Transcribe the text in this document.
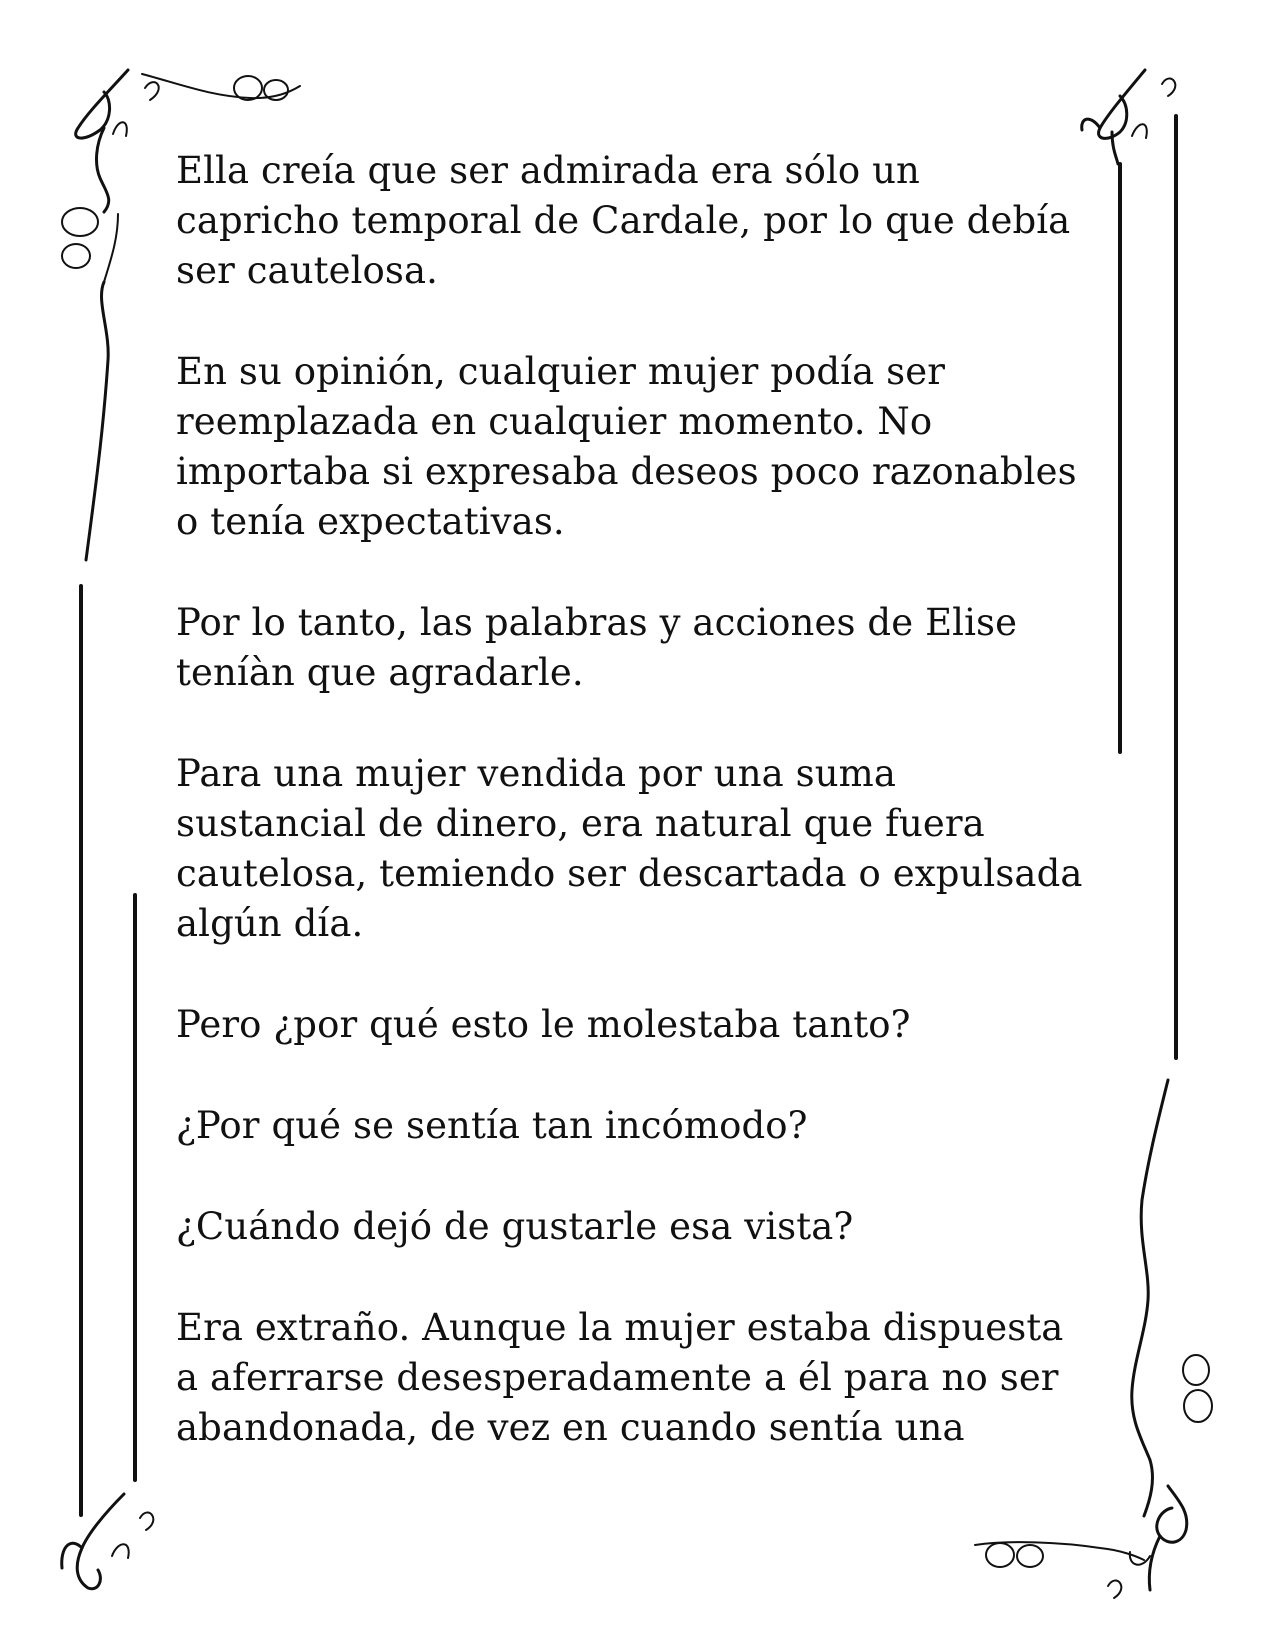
Ella creía que ser admirada era sólo un
capricho temporal de Cardale, por lo que debía
ser cautelosa.

En su opinión, cualquier mujer podía ser
reemplazada en cualquier momento. No
importaba si expresaba deseos poco razonables
o tenía expectativas.

Por lo tanto, las palabras y acciones de Elise
teníàn que agradarle.

Para una mujer vendida por una suma
sustancial de dinero, era natural que fuera
cautelosa, temiendo ser descartada o expulsada
algún día.

Pero ¿por qué esto le molestaba tanto?

¿Por qué se sentía tan incómodo?

¿Cuándo dejó de gustarle esa vista?

Era extraño. Aunque la mujer estaba dispuesta
a aferrarse desesperadamente a él para no ser
abandonada, de vez en cuando sentía una
